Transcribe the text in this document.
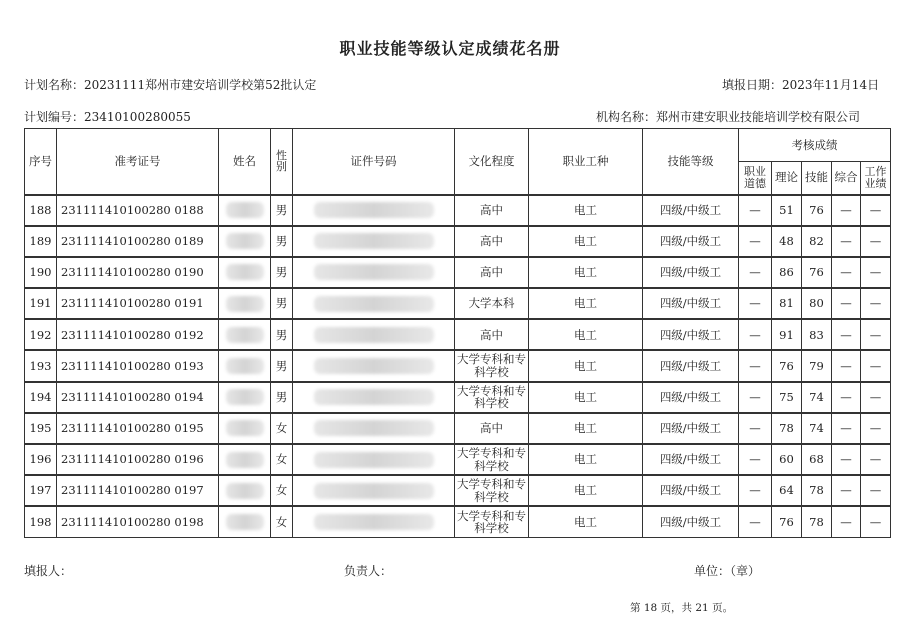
职业技能等级认定成绩花名册
计划名称：20231111郑州市建安培训学校第52批认定	填报日期：2023年11月14日
计划编号：23410100280055	机构名称：郑州市建安职业技能培训学校有限公司
序号	准考证号	姓名	性别	证件号码	文化程度	职业工种	技能等级	考核成绩				
								职业道德	理论	技能	综合	工作业绩
188	231111410100280 0188		男		高中	电工	四级/中级工	—	51	76	—	—
189	231111410100280 0189		男		高中	电工	四级/中级工	—	48	82	—	—
190	231111410100280 0190		男		高中	电工	四级/中级工	—	86	76	—	—
191	231111410100280 0191		男		大学本科	电工	四级/中级工	—	81	80	—	—
192	231111410100280 0192		男		高中	电工	四级/中级工	—	91	83	—	—
193	231111410100280 0193		男		大学专科和专科学校	电工	四级/中级工	—	76	79	—	—
194	231111410100280 0194		男		大学专科和专科学校	电工	四级/中级工	—	75	74	—	—
195	231111410100280 0195		女		高中	电工	四级/中级工	—	78	74	—	—
196	231111410100280 0196		女		大学专科和专科学校	电工	四级/中级工	—	60	68	—	—
197	231111410100280 0197		女		大学专科和专科学校	电工	四级/中级工	—	64	78	—	—
198	231111410100280 0198		女		大学专科和专科学校	电工	四级/中级工	—	76	78	—	—
填报人：	负责人：	单位：（章）
第 18 页，共 21 页。
